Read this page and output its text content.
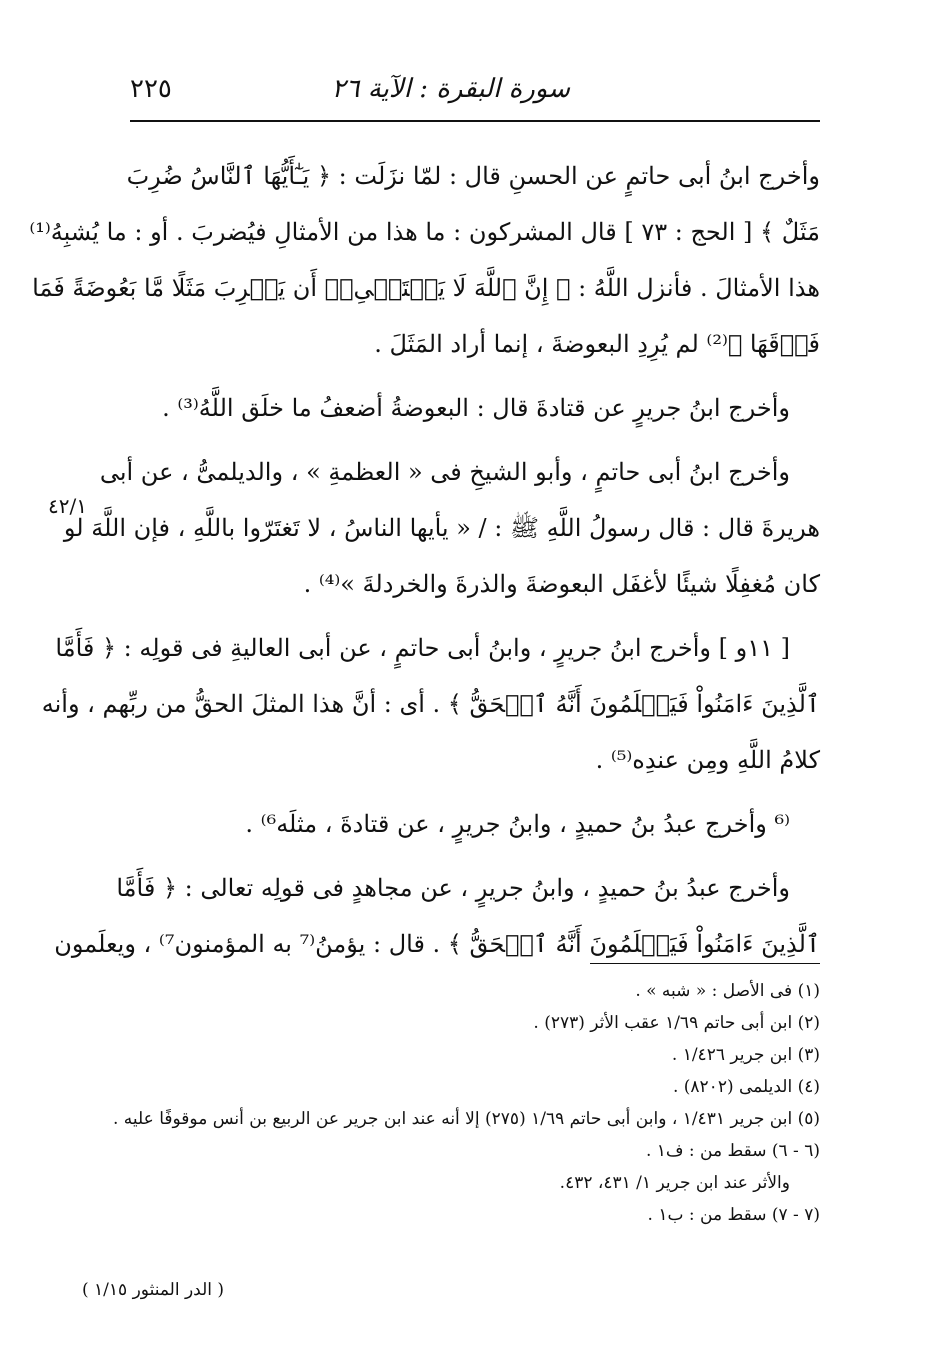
سورة البقرة : الآية ٢٦
٢٢٥
٤٢/١
وأخرج ابنُ أبى حاتمٍ عن الحسنِ قال : لمّا نزَلَت : ﴿ يَـٰٓأَيُّهَا ٱلنَّاسُ ضُرِبَ
مَثَلٌ ﴾ [ الحج : ٧٣ ] قال المشركون : ما هذا من الأمثالِ فيُضربَ . أو : ما يُشبِهُ⁽¹⁾
هذا الأمثالَ . فأنزل اللَّهُ : ﴿ إِنَّ ٱللَّهَ لَا يَسۡتَحۡىِۦٓ أَن يَضۡرِبَ مَثَلًا مَّا بَعُوضَةً فَمَا
فَوۡقَهَا ﴾⁽²⁾ لم يُرِدِ البعوضةَ ، إنما أراد المَثَلَ .
وأخرج ابنُ جريرٍ عن قتادةَ قال : البعوضةُ أضعفُ ما خلَق اللَّهُ⁽³⁾ .
وأخرج ابنُ أبى حاتمٍ ، وأبو الشيخِ فى « العظمةِ » ، والديلمىُّ ، عن أبى
هريرةَ قال : قال رسولُ اللَّهِ ﷺ : / « يأيها الناسُ ، لا تَغتَرّوا باللَّهِ ، فإن اللَّهَ لو
كان مُغفِلًا شيئًا لأغفَل البعوضةَ والذرةَ والخردلةَ »⁽⁴⁾ .
[ ١١و ] وأخرج ابنُ جريرٍ ، وابنُ أبى حاتمٍ ، عن أبى العاليةِ فى قولِه : ﴿ فَأَمَّا
ٱلَّذِينَ ءَامَنُواْ فَيَعۡلَمُونَ أَنَّهُ ٱلۡحَقُّ ﴾ . أى : أنَّ هذا المثلَ الحقُّ من ربِّهم ، وأنه
كلامُ اللَّهِ ومِن عندِه⁽⁵⁾ .
⁽⁶ وأخرج عبدُ بنُ حميدٍ ، وابنُ جريرٍ ، عن قتادةَ ، مثلَه⁶⁾ .
وأخرج عبدُ بنُ حميدٍ ، وابنُ جريرٍ ، عن مجاهدٍ فى قولِه تعالى : ﴿ فَأَمَّا
ٱلَّذِينَ ءَامَنُواْ فَيَعۡلَمُونَ أَنَّهُ ٱلۡحَقُّ ﴾ . قال : يؤمنُ⁽⁷ به المؤمنون⁷⁾ ، ويعلَمون
(١) فى الأصل : « شبه » .
(٢) ابن أبى حاتم ١/٦٩ عقب الأثر (٢٧٣) .
(٣) ابن جرير ١/٤٢٦ .
(٤) الديلمى (٨٢٠٢) .
(٥) ابن جرير ١/٤٣١ ، وابن أبى حاتم ١/٦٩ (٢٧٥) إلا أنه عند ابن جرير عن الربيع بن أنس موقوفًا عليه .
(٦ - ٦) سقط من : ف١ .
والأثر عند ابن جرير ١/ ٤٣١، ٤٣٢.
(٧ - ٧) سقط من : ب١ .
( الدر المنثور ١/١٥ )
